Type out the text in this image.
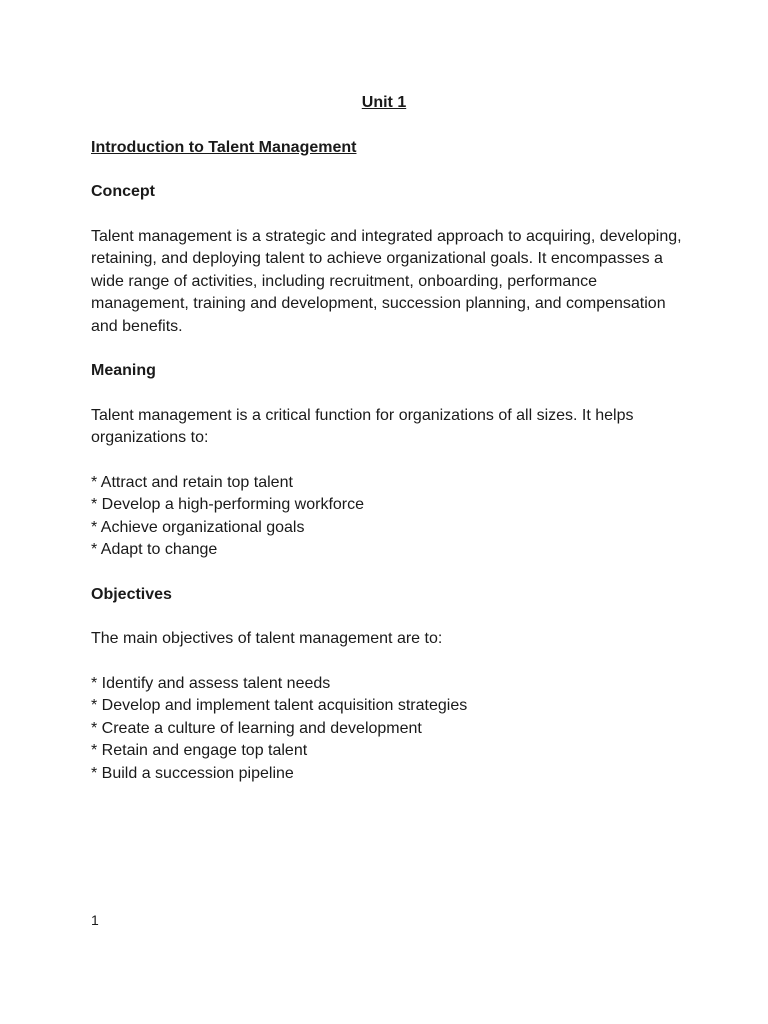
Unit 1
Introduction to Talent Management
Concept

Talent management is a strategic and integrated approach to acquiring, developing, retaining, and deploying talent to achieve organizational goals. It encompasses a wide range of activities, including recruitment, onboarding, performance management, training and development, succession planning, and compensation and benefits.

Meaning

Talent management is a critical function for organizations of all sizes. It helps organizations to:

* Attract and retain top talent
* Develop a high-performing workforce
* Achieve organizational goals
* Adapt to change
Objectives

The main objectives of talent management are to:

* Identify and assess talent needs
* Develop and implement talent acquisition strategies
* Create a culture of learning and development
* Retain and engage top talent
* Build a succession pipeline
1
